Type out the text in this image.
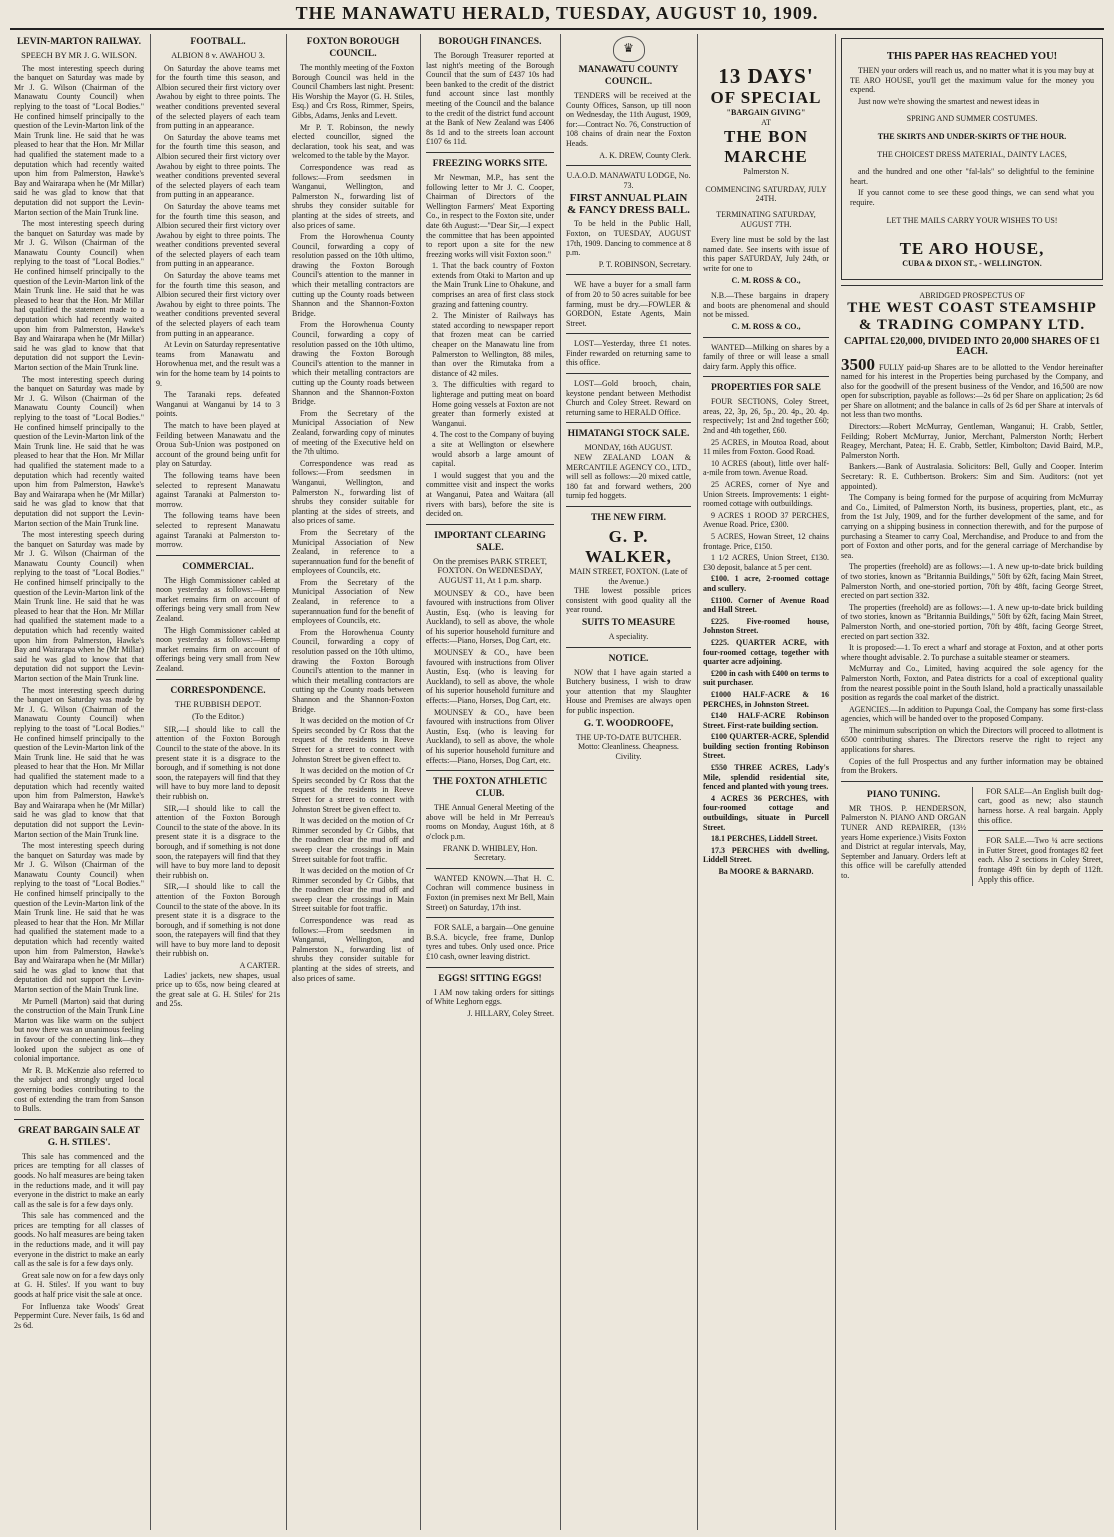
THE MANAWATU HERALD, TUESDAY, AUGUST 10, 1909.
LEVIN-MARTON RAILWAY.
SPEECH BY MR J. G. WILSON.

The most interesting speech during the banquet on Saturday was made by Mr J. G. Wilson (Chairman of the Manawatu County Council) when replying to the toast of "Local Bodies." He confined himself principally to the question of the Levin-Marton link of the Main Trunk line. He said that he was pleased to hear that the Hon. Mr Millar had qualified the statement made to a deputation which had recently waited upon him from Palmerston, Hawke's Bay and Wairarapa when he (Mr Millar) said he was glad to know that that deputation did not support the Levin-Marton section of the Main Trunk line.

The most interesting speech during the banquet on Saturday was made by Mr J. G. Wilson (Chairman of the Manawatu County Council) when replying to the toast of "Local Bodies." He confined himself principally to the question of the Levin-Marton link of the Main Trunk line. He said that he was pleased to hear that the Hon. Mr Millar had qualified the statement made to a deputation which had recently waited upon him from Palmerston, Hawke's Bay and Wairarapa when he (Mr Millar) said he was glad to know that that deputation did not support the Levin-Marton section of the Main Trunk line.

The most interesting speech during the banquet on Saturday was made by Mr J. G. Wilson (Chairman of the Manawatu County Council) when replying to the toast of "Local Bodies." He confined himself principally to the question of the Levin-Marton link of the Main Trunk line. He said that he was pleased to hear that the Hon. Mr Millar had qualified the statement made to a deputation which had recently waited upon him from Palmerston, Hawke's Bay and Wairarapa when he (Mr Millar) said he was glad to know that that deputation did not support the Levin-Marton section of the Main Trunk line.

The most interesting speech during the banquet on Saturday was made by Mr J. G. Wilson (Chairman of the Manawatu County Council) when replying to the toast of "Local Bodies." He confined himself principally to the question of the Levin-Marton link of the Main Trunk line. He said that he was pleased to hear that the Hon. Mr Millar had qualified the statement made to a deputation which had recently waited upon him from Palmerston, Hawke's Bay and Wairarapa when he (Mr Millar) said he was glad to know that that deputation did not support the Levin-Marton section of the Main Trunk line.

The most interesting speech during the banquet on Saturday was made by Mr J. G. Wilson (Chairman of the Manawatu County Council) when replying to the toast of "Local Bodies." He confined himself principally to the question of the Levin-Marton link of the Main Trunk line. He said that he was pleased to hear that the Hon. Mr Millar had qualified the statement made to a deputation which had recently waited upon him from Palmerston, Hawke's Bay and Wairarapa when he (Mr Millar) said he was glad to know that that deputation did not support the Levin-Marton section of the Main Trunk line.

The most interesting speech during the banquet on Saturday was made by Mr J. G. Wilson (Chairman of the Manawatu County Council) when replying to the toast of "Local Bodies." He confined himself principally to the question of the Levin-Marton link of the Main Trunk line. He said that he was pleased to hear that the Hon. Mr Millar had qualified the statement made to a deputation which had recently waited upon him from Palmerston, Hawke's Bay and Wairarapa when he (Mr Millar) said he was glad to know that that deputation did not support the Levin-Marton section of the Main Trunk line.

Mr Purnell (Marton) said that during the construction of the Main Trunk Line Marton was like warm on the subject but now there was an unanimous feeling in favour of the connecting link—they looked upon the subject as one of colonial importance.

Mr R. B. McKenzie also referred to the subject and strongly urged local governing bodies contributing to the cost of extending the tram from Sanson to Bulls.

GREAT BARGAIN SALE AT G. H. STILES'.

This sale has commenced and the prices are tempting for all classes of goods. No half measures are being taken in the reductions made, and it will pay everyone in the district to make an early call as the sale is for a few days only.

This sale has commenced and the prices are tempting for all classes of goods. No half measures are being taken in the reductions made, and it will pay everyone in the district to make an early call as the sale is for a few days only.

Great sale now on for a few days only at G. H. Stiles'. If you want to buy goods at half price visit the sale at once.

For Influenza take Woods' Great Peppermint Cure. Never fails, 1s 6d and 2s 6d.

FOOTBALL.
ALBION 8 v. AWAHOU 3.

On Saturday the above teams met for the fourth time this season, and Albion secured their first victory over Awahou by eight to three points. The weather conditions prevented several of the selected players of each team from putting in an appearance.

On Saturday the above teams met for the fourth time this season, and Albion secured their first victory over Awahou by eight to three points. The weather conditions prevented several of the selected players of each team from putting in an appearance.

On Saturday the above teams met for the fourth time this season, and Albion secured their first victory over Awahou by eight to three points. The weather conditions prevented several of the selected players of each team from putting in an appearance.

On Saturday the above teams met for the fourth time this season, and Albion secured their first victory over Awahou by eight to three points. The weather conditions prevented several of the selected players of each team from putting in an appearance.

At Levin on Saturday representative teams from Manawatu and Horowhenua met, and the result was a win for the home team by 14 points to 9.

The Taranaki reps. defeated Wanganui at Wanganui by 14 to 3 points.

The match to have been played at Feilding between Manawatu and the Oroua Sub-Union was postponed on account of the ground being unfit for play on Saturday.

The following teams have been selected to represent Manawatu against Taranaki at Palmerston to-morrow.

The following teams have been selected to represent Manawatu against Taranaki at Palmerston to-morrow.

COMMERCIAL.

The High Commissioner cabled at noon yesterday as follows:—Hemp market remains firm on account of offerings being very small from New Zealand.

The High Commissioner cabled at noon yesterday as follows:—Hemp market remains firm on account of offerings being very small from New Zealand.

CORRESPONDENCE.
THE RUBBISH DEPOT.
(To the Editor.)

SIR,—I should like to call the attention of the Foxton Borough Council to the state of the above. In its present state it is a disgrace to the borough, and if something is not done soon, the ratepayers will find that they will have to buy more land to deposit their rubbish on.

SIR,—I should like to call the attention of the Foxton Borough Council to the state of the above. In its present state it is a disgrace to the borough, and if something is not done soon, the ratepayers will find that they will have to buy more land to deposit their rubbish on.

SIR,—I should like to call the attention of the Foxton Borough Council to the state of the above. In its present state it is a disgrace to the borough, and if something is not done soon, the ratepayers will find that they will have to buy more land to deposit their rubbish on.

A CARTER.

Ladies' jackets, new shapes, usual price up to 65s, now being cleared at the great sale at G. H. Stiles' for 21s and 25s.

FOXTON BOROUGH COUNCIL.

The monthly meeting of the Foxton Borough Council was held in the Council Chambers last night. Present: His Worship the Mayor (G. H. Stiles, Esq.) and Crs Ross, Rimmer, Speirs, Gibbs, Adams, Jenks and Levett.

Mr P. T. Robinson, the newly elected councillor, signed the declaration, took his seat, and was welcomed to the table by the Mayor.

Correspondence was read as follows:—From seedsmen in Wanganui, Wellington, and Palmerston N., forwarding list of shrubs they consider suitable for planting at the sides of streets, and also prices of same.

From the Horowhenua County Council, forwarding a copy of resolution passed on the 10th ultimo, drawing the Foxton Borough Council's attention to the manner in which their metalling contractors are cutting up the County roads between Shannon and the Shannon-Foxton Bridge.

From the Horowhenua County Council, forwarding a copy of resolution passed on the 10th ultimo, drawing the Foxton Borough Council's attention to the manner in which their metalling contractors are cutting up the County roads between Shannon and the Shannon-Foxton Bridge.

From the Secretary of the Municipal Association of New Zealand, forwarding copy of minutes of meeting of the Executive held on the 7th ultimo.

Correspondence was read as follows:—From seedsmen in Wanganui, Wellington, and Palmerston N., forwarding list of shrubs they consider suitable for planting at the sides of streets, and also prices of same.

From the Secretary of the Municipal Association of New Zealand, in reference to a superannuation fund for the benefit of employees of Councils, etc.

From the Secretary of the Municipal Association of New Zealand, in reference to a superannuation fund for the benefit of employees of Councils, etc.

From the Horowhenua County Council, forwarding a copy of resolution passed on the 10th ultimo, drawing the Foxton Borough Council's attention to the manner in which their metalling contractors are cutting up the County roads between Shannon and the Shannon-Foxton Bridge.

It was decided on the motion of Cr Speirs seconded by Cr Ross that the request of the residents in Reeve Street for a street to connect with Johnston Street be given effect to.

It was decided on the motion of Cr Speirs seconded by Cr Ross that the request of the residents in Reeve Street for a street to connect with Johnston Street be given effect to.

It was decided on the motion of Cr Rimmer seconded by Cr Gibbs, that the roadmen clear the mud off and sweep clear the crossings in Main Street suitable for foot traffic.

It was decided on the motion of Cr Rimmer seconded by Cr Gibbs, that the roadmen clear the mud off and sweep clear the crossings in Main Street suitable for foot traffic.

Correspondence was read as follows:—From seedsmen in Wanganui, Wellington, and Palmerston N., forwarding list of shrubs they consider suitable for planting at the sides of streets, and also prices of same.

BOROUGH FINANCES.

The Borough Treasurer reported at last night's meeting of the Borough Council that the sum of £437 10s had been banked to the credit of the district fund account since last monthly meeting of the Council and the balance to the credit of the district fund account at the Bank of New Zealand was £406 8s 1d and to the streets loan account £107 6s 11d.

FREEZING WORKS SITE.

Mr Newman, M.P., has sent the following letter to Mr J. C. Cooper, Chairman of Directors of the Wellington Farmers' Meat Exporting Co., in respect to the Foxton site, under date 6th August:—"Dear Sir,—I expect the committee that has been appointed to report upon a site for the new freezing works will visit Foxton soon."

1. That the back country of Foxton extends from Otaki to Marton and up the Main Trunk Line to Ohakune, and comprises an area of first class stock grazing and fattening country.

2. The Minister of Railways has stated according to newspaper report that frozen meat can be carried cheaper on the Manawatu line from Palmerston to Wellington, 88 miles, than over the Rimutaka from a distance of 42 miles.

3. The difficulties with regard to lighterage and putting meat on board Home going vessels at Foxton are not greater than formerly existed at Wanganui.

4. The cost to the Company of buying a site at Wellington or elsewhere would absorb a large amount of capital.

I would suggest that you and the committee visit and inspect the works at Wanganui, Patea and Waitara (all rivers with bars), before the site is decided on.

IMPORTANT CLEARING SALE.
On the premises PARK STREET, FOXTON. On WEDNESDAY, AUGUST 11, At 1 p.m. sharp.

MOUNSEY & CO., have been favoured with instructions from Oliver Austin, Esq. (who is leaving for Auckland), to sell as above, the whole of his superior household furniture and effects:—Piano, Horses, Dog Cart, etc.

MOUNSEY & CO., have been favoured with instructions from Oliver Austin, Esq. (who is leaving for Auckland), to sell as above, the whole of his superior household furniture and effects:—Piano, Horses, Dog Cart, etc.

MOUNSEY & CO., have been favoured with instructions from Oliver Austin, Esq. (who is leaving for Auckland), to sell as above, the whole of his superior household furniture and effects:—Piano, Horses, Dog Cart, etc.

THE FOXTON ATHLETIC CLUB.

THE Annual General Meeting of the above will be held in Mr Perreau's rooms on Monday, August 16th, at 8 o'clock p.m.

FRANK D. WHIBLEY, Hon. Secretary.

WANTED KNOWN.—That H. C. Cochran will commence business in Foxton (in premises next Mr Bell, Main Street) on Saturday, 17th inst.

FOR SALE, a bargain—One genuine B.S.A. bicycle, free frame, Dunlop tyres and tubes. Only used once. Price £10 cash, owner leaving district.

EGGS! SITTING EGGS!

I AM now taking orders for sittings of White Leghorn eggs.

J. HILLARY, Coley Street.
♛
MANAWATU COUNTY COUNCIL.

TENDERS will be received at the County Offices, Sanson, up till noon on Wednesday, the 11th August, 1909, for:—Contract No. 76, Construction of 108 chains of drain near the Foxton Heads.

A. K. DREW, County Clerk.
U.A.O.D. MANAWATU LODGE, No. 73.
FIRST ANNUAL PLAIN & FANCY DRESS BALL.

To be held in the Public Hall, Foxton, on TUESDAY, AUGUST 17th, 1909. Dancing to commence at 8 p.m.

P. T. ROBINSON, Secretary.

WE have a buyer for a small farm of from 20 to 50 acres suitable for bee farming, must be dry.—FOWLER & GORDON, Estate Agents, Main Street.

LOST—Yesterday, three £1 notes. Finder rewarded on returning same to this office.

LOST—Gold brooch, chain, keystone pendant between Methodist Church and Coley Street. Reward on returning same to HERALD Office.

HIMATANGI STOCK SALE.
MONDAY, 16th AUGUST.

NEW ZEALAND LOAN & MERCANTILE AGENCY CO., LTD., will sell as follows:—20 mixed cattle, 180 fat and forward wethers, 200 turnip fed hoggets.

THE NEW FIRM.
G. P. WALKER,
MAIN STREET, FOXTON. (Late of the Avenue.)

THE lowest possible prices consistent with good quality all the year round.

SUITS TO MEASURE
A speciality.
NOTICE.

NOW that I have again started a Butchery business, I wish to draw your attention that my Slaughter House and Premises are always open for public inspection.

G. T. WOODROOFE,
THE UP-TO-DATE BUTCHER.
Motto: Cleanliness. Cheapness. Civility.
13 DAYS'
OF SPECIAL
"BARGAIN GIVING"
AT
THE BON MARCHE
Palmerston N.
COMMENCING SATURDAY, JULY 24TH.
TERMINATING SATURDAY, AUGUST 7TH.

Every line must be sold by the last named date. See inserts with issue of this paper SATURDAY, July 24th, or write for one to

C. M. ROSS & CO.,

N.B.—These bargains in drapery and boots are phenomenal and should not be missed.

C. M. ROSS & CO.,

WANTED—Milking on shares by a family of three or will lease a small dairy farm. Apply this office.

PROPERTIES FOR SALE

FOUR SECTIONS, Coley Street, areas, 22, 3p, 26, 5p., 20. 4p., 20. 4p. respectively; 1st and 2nd together £60; 2nd and 4th together, £60.

25 ACRES, in Moutoa Road, about 11 miles from Foxton. Good Road.

10 ACRES (about), little over half-a-mile from town. Avenue Road.

25 ACRES, corner of Nye and Union Streets. Improvements: 1 eight-roomed cottage with outbuildings.

9 ACRES 1 ROOD 37 PERCHES, Avenue Road. Price, £300.

5 ACRES, Howan Street, 12 chains frontage. Price, £150.

1 1/2 ACRES, Union Street, £130. £30 deposit, balance at 5 per cent.

£100. 1 acre, 2-roomed cottage and scullery.

£1100. Corner of Avenue Road and Hall Street.

£225. Five-roomed house, Johnston Street.

£225. QUARTER ACRE, with four-roomed cottage, together with quarter acre adjoining.

£200 in cash with £400 on terms to suit purchaser.

£1000 HALF-ACRE & 16 PERCHES, in Johnston Street.

£140 HALF-ACRE Robinson Street. First-rate building section.

£100 QUARTER-ACRE, Splendid building section fronting Robinson Street.

£550 THREE ACRES, Lady's Mile, splendid residential site, fenced and planted with young trees.

4 ACRES 36 PERCHES, with four-roomed cottage and outbuildings, situate in Purcell Street.

18.1 PERCHES, Liddell Street.

17.3 PERCHES with dwelling, Liddell Street.

Ba MOORE & BARNARD.
THIS PAPER HAS REACHED YOU!

THEN your orders will reach us, and no matter what it is you may buy at TE ARO HOUSE, you'll get the maximum value for the money you expend.

Just now we're showing the smartest and newest ideas in

SPRING AND SUMMER COSTUMES.
THE SKIRTS AND UNDER-SKIRTS OF THE HOUR.
THE CHOICEST DRESS MATERIAL, DAINTY LACES,

and the hundred and one other "fal-lals" so delightful to the feminine heart.

If you cannot come to see these good things, we can send what you require.

LET THE MAILS CARRY YOUR WISHES TO US!
TE ARO HOUSE,
CUBA & DIXON ST., - WELLINGTON.
ABRIDGED PROSPECTUS OF
THE WEST COAST STEAMSHIP & TRADING COMPANY LTD.
CAPITAL £20,000, DIVIDED INTO 20,000 SHARES OF £1 EACH.

3500 FULLY paid-up Shares are to be allotted to the Vendor hereinafter named for his interest in the Properties being purchased by the Company, and also for the goodwill of the present business of the Vendor, and 16,500 are now open for subscription, payable as follows:—2s 6d per Share on application; 2s 6d per Share on allotment; and the balance in calls of 2s 6d per Share at intervals of not less than two months.

Directors:—Robert McMurray, Gentleman, Wanganui; H. Crabb, Settler, Feilding; Robert McMurray, Junior, Merchant, Palmerston North; Herbert Reagey, Merchant, Patea; H. E. Crabb, Settler, Kimbolton; David Baird, M.P., Palmerston North.

Bankers.—Bank of Australasia. Solicitors: Bell, Gully and Cooper. Interim Secretary: R. E. Cuthbertson. Brokers: Sim and Sim. Auditors: (not yet appointed).

The Company is being formed for the purpose of acquiring from McMurray and Co., Limited, of Palmerston North, its business, properties, plant, etc., as from the 1st July, 1909, and for the further development of the same, and for carrying on a shipping business in connection therewith, and for the purpose of purchasing a Steamer to carry Coal, Merchandise, and Produce to and from the port of Foxton and other ports, and for the general carriage of Merchandise by sea.

The properties (freehold) are as follows:—1. A new up-to-date brick building of two stories, known as "Britannia Buildings," 50ft by 62ft, facing Main Street, Palmerston North, and one-storied portion, 70ft by 48ft, facing George Street, erected on part section 332.

The properties (freehold) are as follows:—1. A new up-to-date brick building of two stories, known as "Britannia Buildings," 50ft by 62ft, facing Main Street, Palmerston North, and one-storied portion, 70ft by 48ft, facing George Street, erected on part section 332.

It is proposed:—1. To erect a wharf and storage at Foxton, and at other ports where thought advisable. 2. To purchase a suitable steamer or steamers.

McMurray and Co., Limited, having acquired the sole agency for the Palmerston North, Foxton, and Patea districts for a coal of exceptional quality from the nearest possible point in the South Island, hold a practically unassailable position as regards the coal market of the district.

AGENCIES.—In addition to Pupunga Coal, the Company has some first-class agencies, which will be handed over to the proposed Company.

The minimum subscription on which the Directors will proceed to allotment is 6500 contributing shares. The Directors reserve the right to reject any applications for shares.

Copies of the full Prospectus and any further information may be obtained from the Brokers.

PIANO TUNING.

MR THOS. P. HENDERSON, Palmerston N. PIANO AND ORGAN TUNER AND REPAIRER, (13½ years Home experience.) Visits Foxton and District at regular intervals, May, September and January. Orders left at this office will be carefully attended to.

FOR SALE—An English built dog-cart, good as new; also staunch harness horse. A real bargain. Apply this office.

FOR SALE.—Two ¼ acre sections in Futter Street, good frontages 82 feet each. Also 2 sections in Coley Street, frontage 49ft 6in by depth of 112ft. Apply this office.
